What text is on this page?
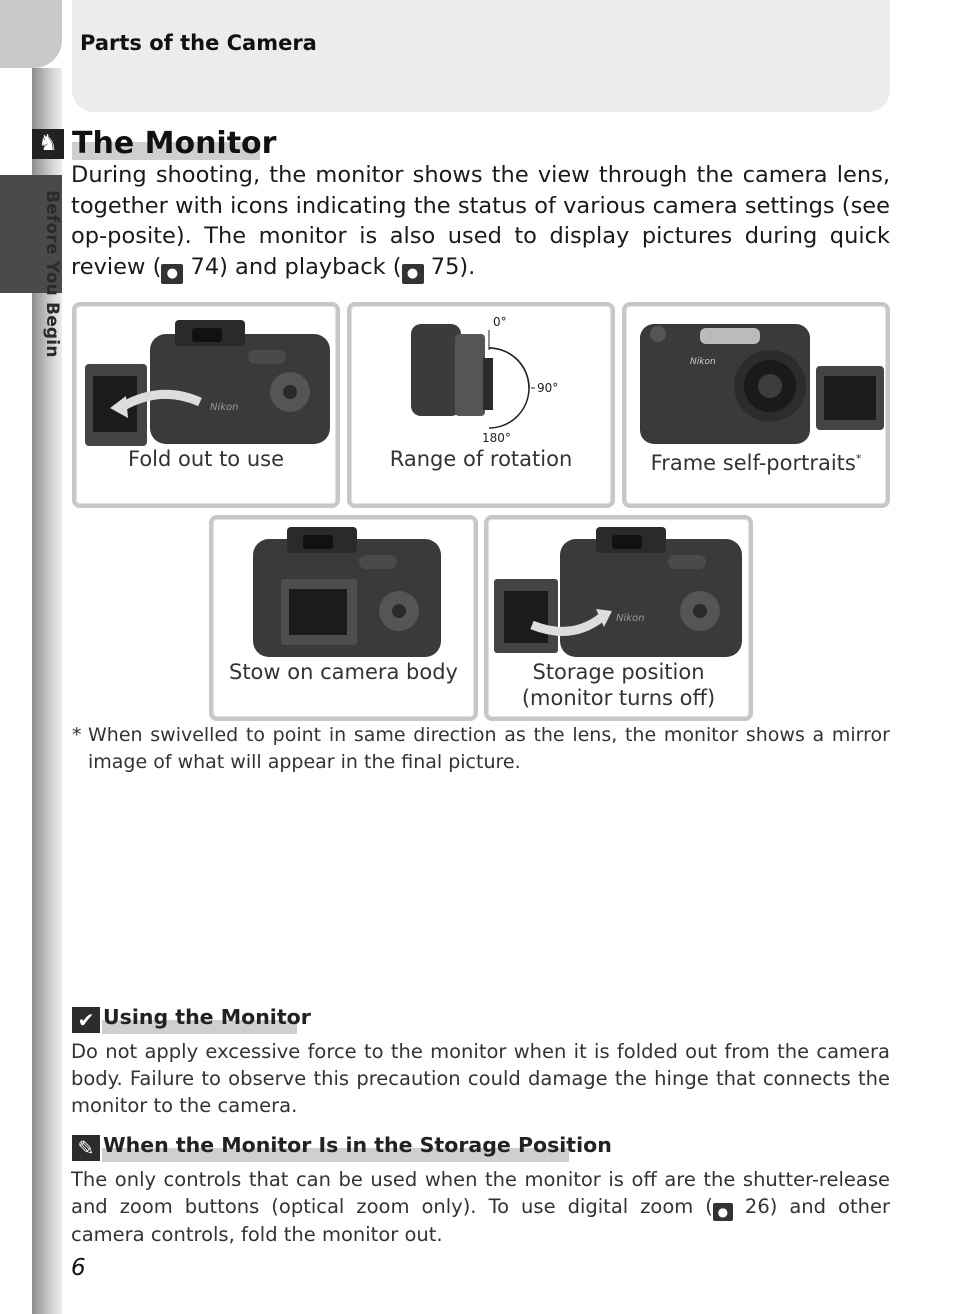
Before You Begin
Parts of the Camera
♞ The Monitor
During shooting, the monitor shows the view through the camera lens, together with icons indicating the status of various camera settings (see op-posite). The monitor is also used to display pictures during quick review ( ● 74) and playback ( ● 75).
Nikon
Fold out to use
0°
90°
180°
Range of rotation
Nikon
Frame self-portraits*
Stow on camera body
Nikon
Storage position
(monitor turns off)
* When swivelled to point in same direction as the lens, the monitor shows a mirror image of what will appear in the final picture.
✔ Using the Monitor
Do not apply excessive force to the monitor when it is folded out from the camera body. Failure to observe this precaution could damage the hinge that connects the monitor to the camera.
✎ When the Monitor Is in the Storage Position
The only controls that can be used when the monitor is off are the shutter-release and zoom buttons (optical zoom only). To use digital zoom ( ● 26) and other camera controls, fold the monitor out.
6
